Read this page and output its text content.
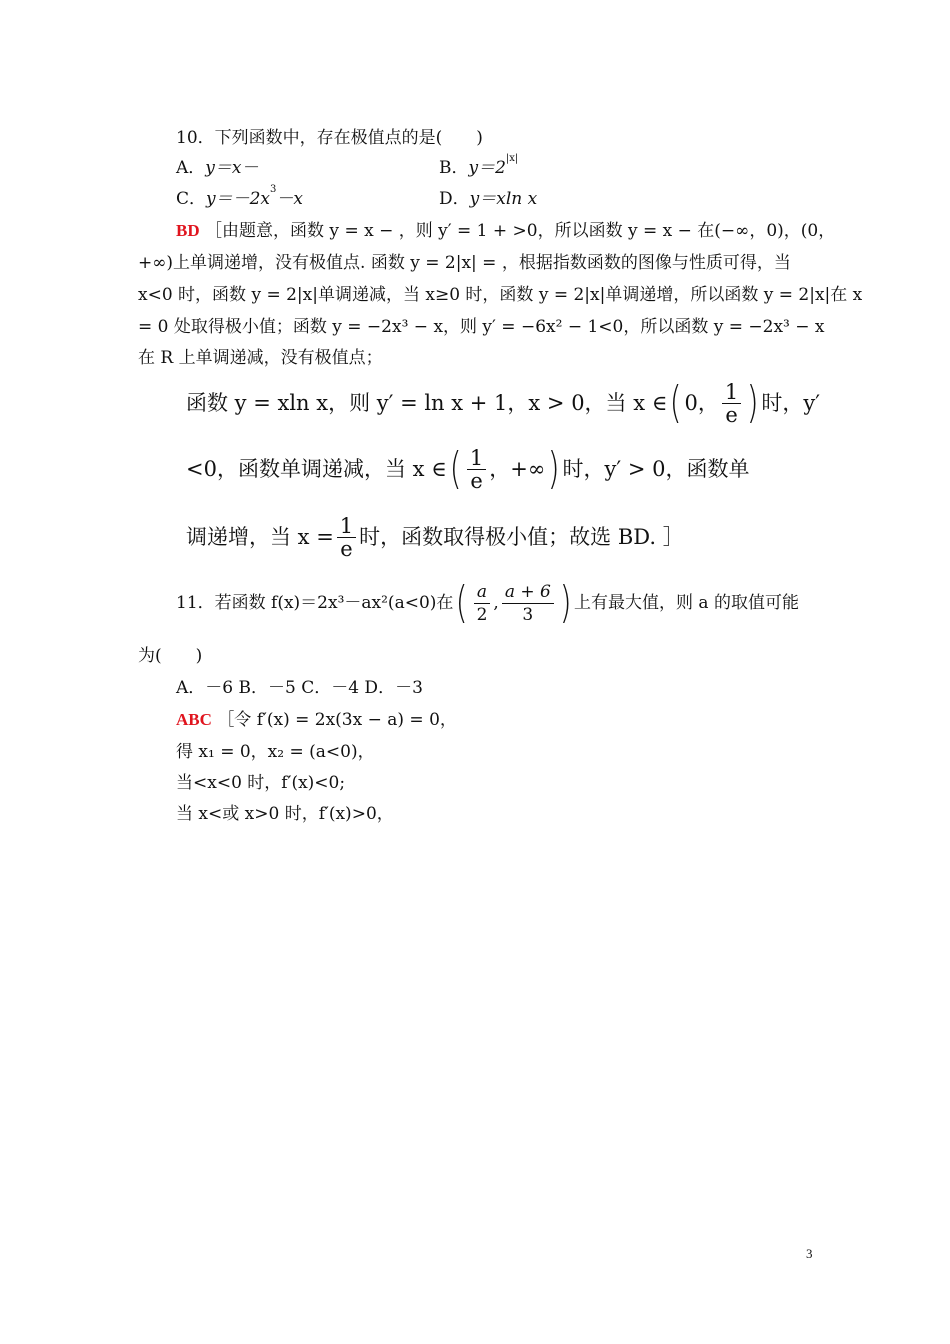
10．下列函数中，存在极值点的是(　　)
A．y＝x－	B．$y=2^{|x|}$
C．$y=-2x^3-x$	D．y＝xln x
BD ［由题意，函数 y = x − ，则 y′ = 1 + >0，所以函数 y = x − 在(−∞，0)，(0，
+∞)上单调递增，没有极值点. 函数 y = 2|x| = ，根据指数函数的图像与性质可得，当
x<0 时，函数 y = 2|x|单调递减，当 x≥0 时，函数 y = 2|x|单调递增，所以函数 y = 2|x|在 x
= 0 处取得极小值；函数 y = −2x³ − x，则 y′ = −6x² − 1<0，所以函数 y = −2x³ − x
在 R 上单调递减，没有极值点；
函数 y = xln x，则 y′ = ln x + 1，x > 0，当 x ∈ ( 0， $\frac{1}{e}$ ) 时，y′
<0，函数单调递减，当 x ∈ ( $\frac{1}{e}$ ，+∞ ) 时，y′ > 0，函数单
调递增，当 $x = \frac{1}{e}$ 时，函数取得极小值；故选 BD. ］
11．若函数 f(x)＝2x³－ax²(a<0)在 ( $\frac{a}{2}$ , $\frac{a + 6}{3}$ ) 上有最大值，则 a 的取值可能
为(　　)
A．－6 B．－5 C．－4 D．－3
ABC ［令 f′(x) = 2x(3x − a) = 0，
得 x₁ = 0，x₂ = (a<0)，
当<x<0 时，f′(x)<0;
当 x<或 x>0 时，f′(x)>0，
3
